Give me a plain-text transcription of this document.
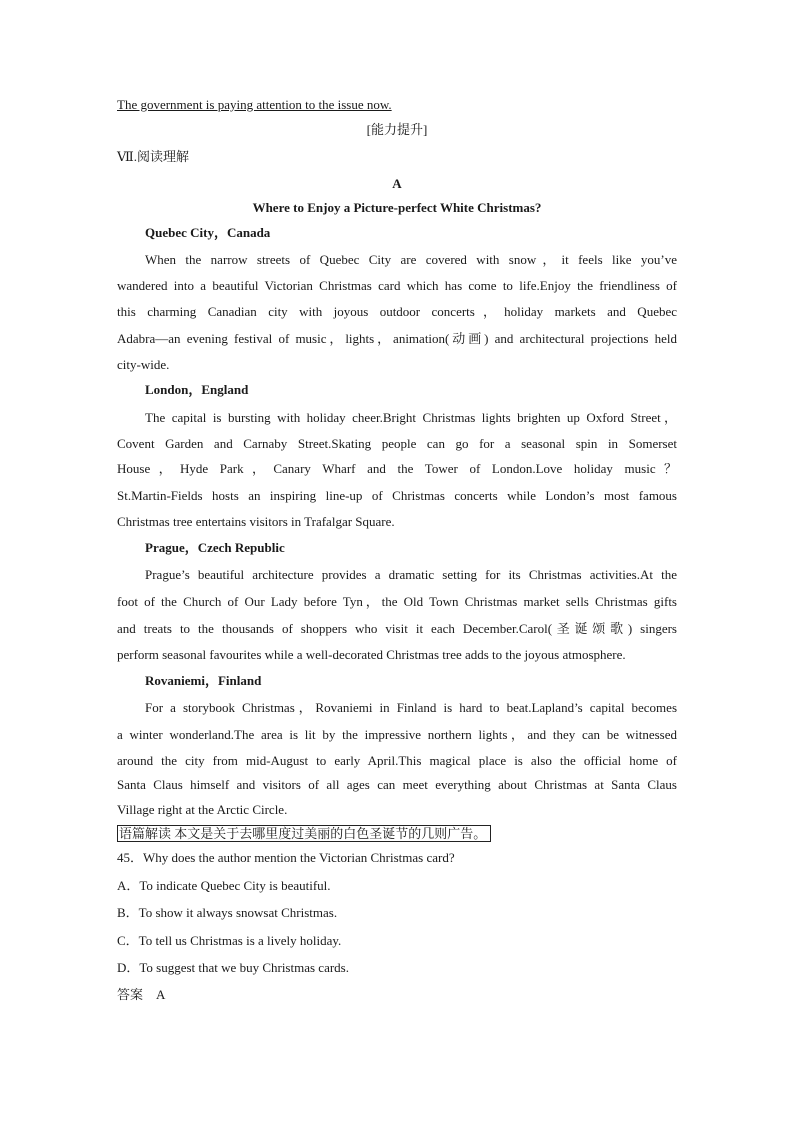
The government is paying attention to the issue now.
[能力提升]
Ⅶ.阅读理解
A
Where to Enjoy a Picture-perfect White Christmas?
Quebec City，Canada
When the narrow streets of Quebec City are covered with snow，it feels like you’ve
wandered into a beautiful Victorian Christmas card which has come to life.Enjoy the friendliness of
this charming Canadian city with joyous outdoor concerts，holiday markets and Quebec
Adabra—an evening festival of music，lights，animation(动画) and architectural projections held
city-wide.
London，England
The capital is bursting with holiday cheer.Bright Christmas lights brighten up Oxford Street，
Covent Garden and Carnaby Street.Skating people can go for a seasonal spin in Somerset
House，Hyde Park，Canary Wharf and the Tower of London.Love holiday music？
St.Martin-Fields hosts an inspiring line-up of Christmas concerts while London’s most famous
Christmas tree entertains visitors in Trafalgar Square.
Prague，Czech Republic
Prague’s beautiful architecture provides a dramatic setting for its Christmas activities.At the
foot of the Church of Our Lady before Tyn，the Old Town Christmas market sells Christmas gifts
and treats to the thousands of shoppers who visit it each December.Carol(圣诞颂歌) singers
perform seasonal favourites while a well-decorated Christmas tree adds to the joyous atmosphere.
Rovaniemi，Finland
For a storybook Christmas，Rovaniemi in Finland is hard to beat.Lapland’s capital becomes
a winter wonderland.The area is lit by the impressive northern lights，and they can be witnessed
around the city from mid-August to early April.This magical place is also the official home of
Santa Claus himself and visitors of all ages can meet everything about Christmas at Santa Claus
Village right at the Arctic Circle.
语篇解读 本文是关于去哪里度过美丽的白色圣诞节的几则广告。
45．Why does the author mention the Victorian Christmas card?
A．To indicate Quebec City is beautiful.
B．To show it always snowsat Christmas.
C．To tell us Christmas is a lively holiday.
D．To suggest that we buy Christmas cards.
答案　A
